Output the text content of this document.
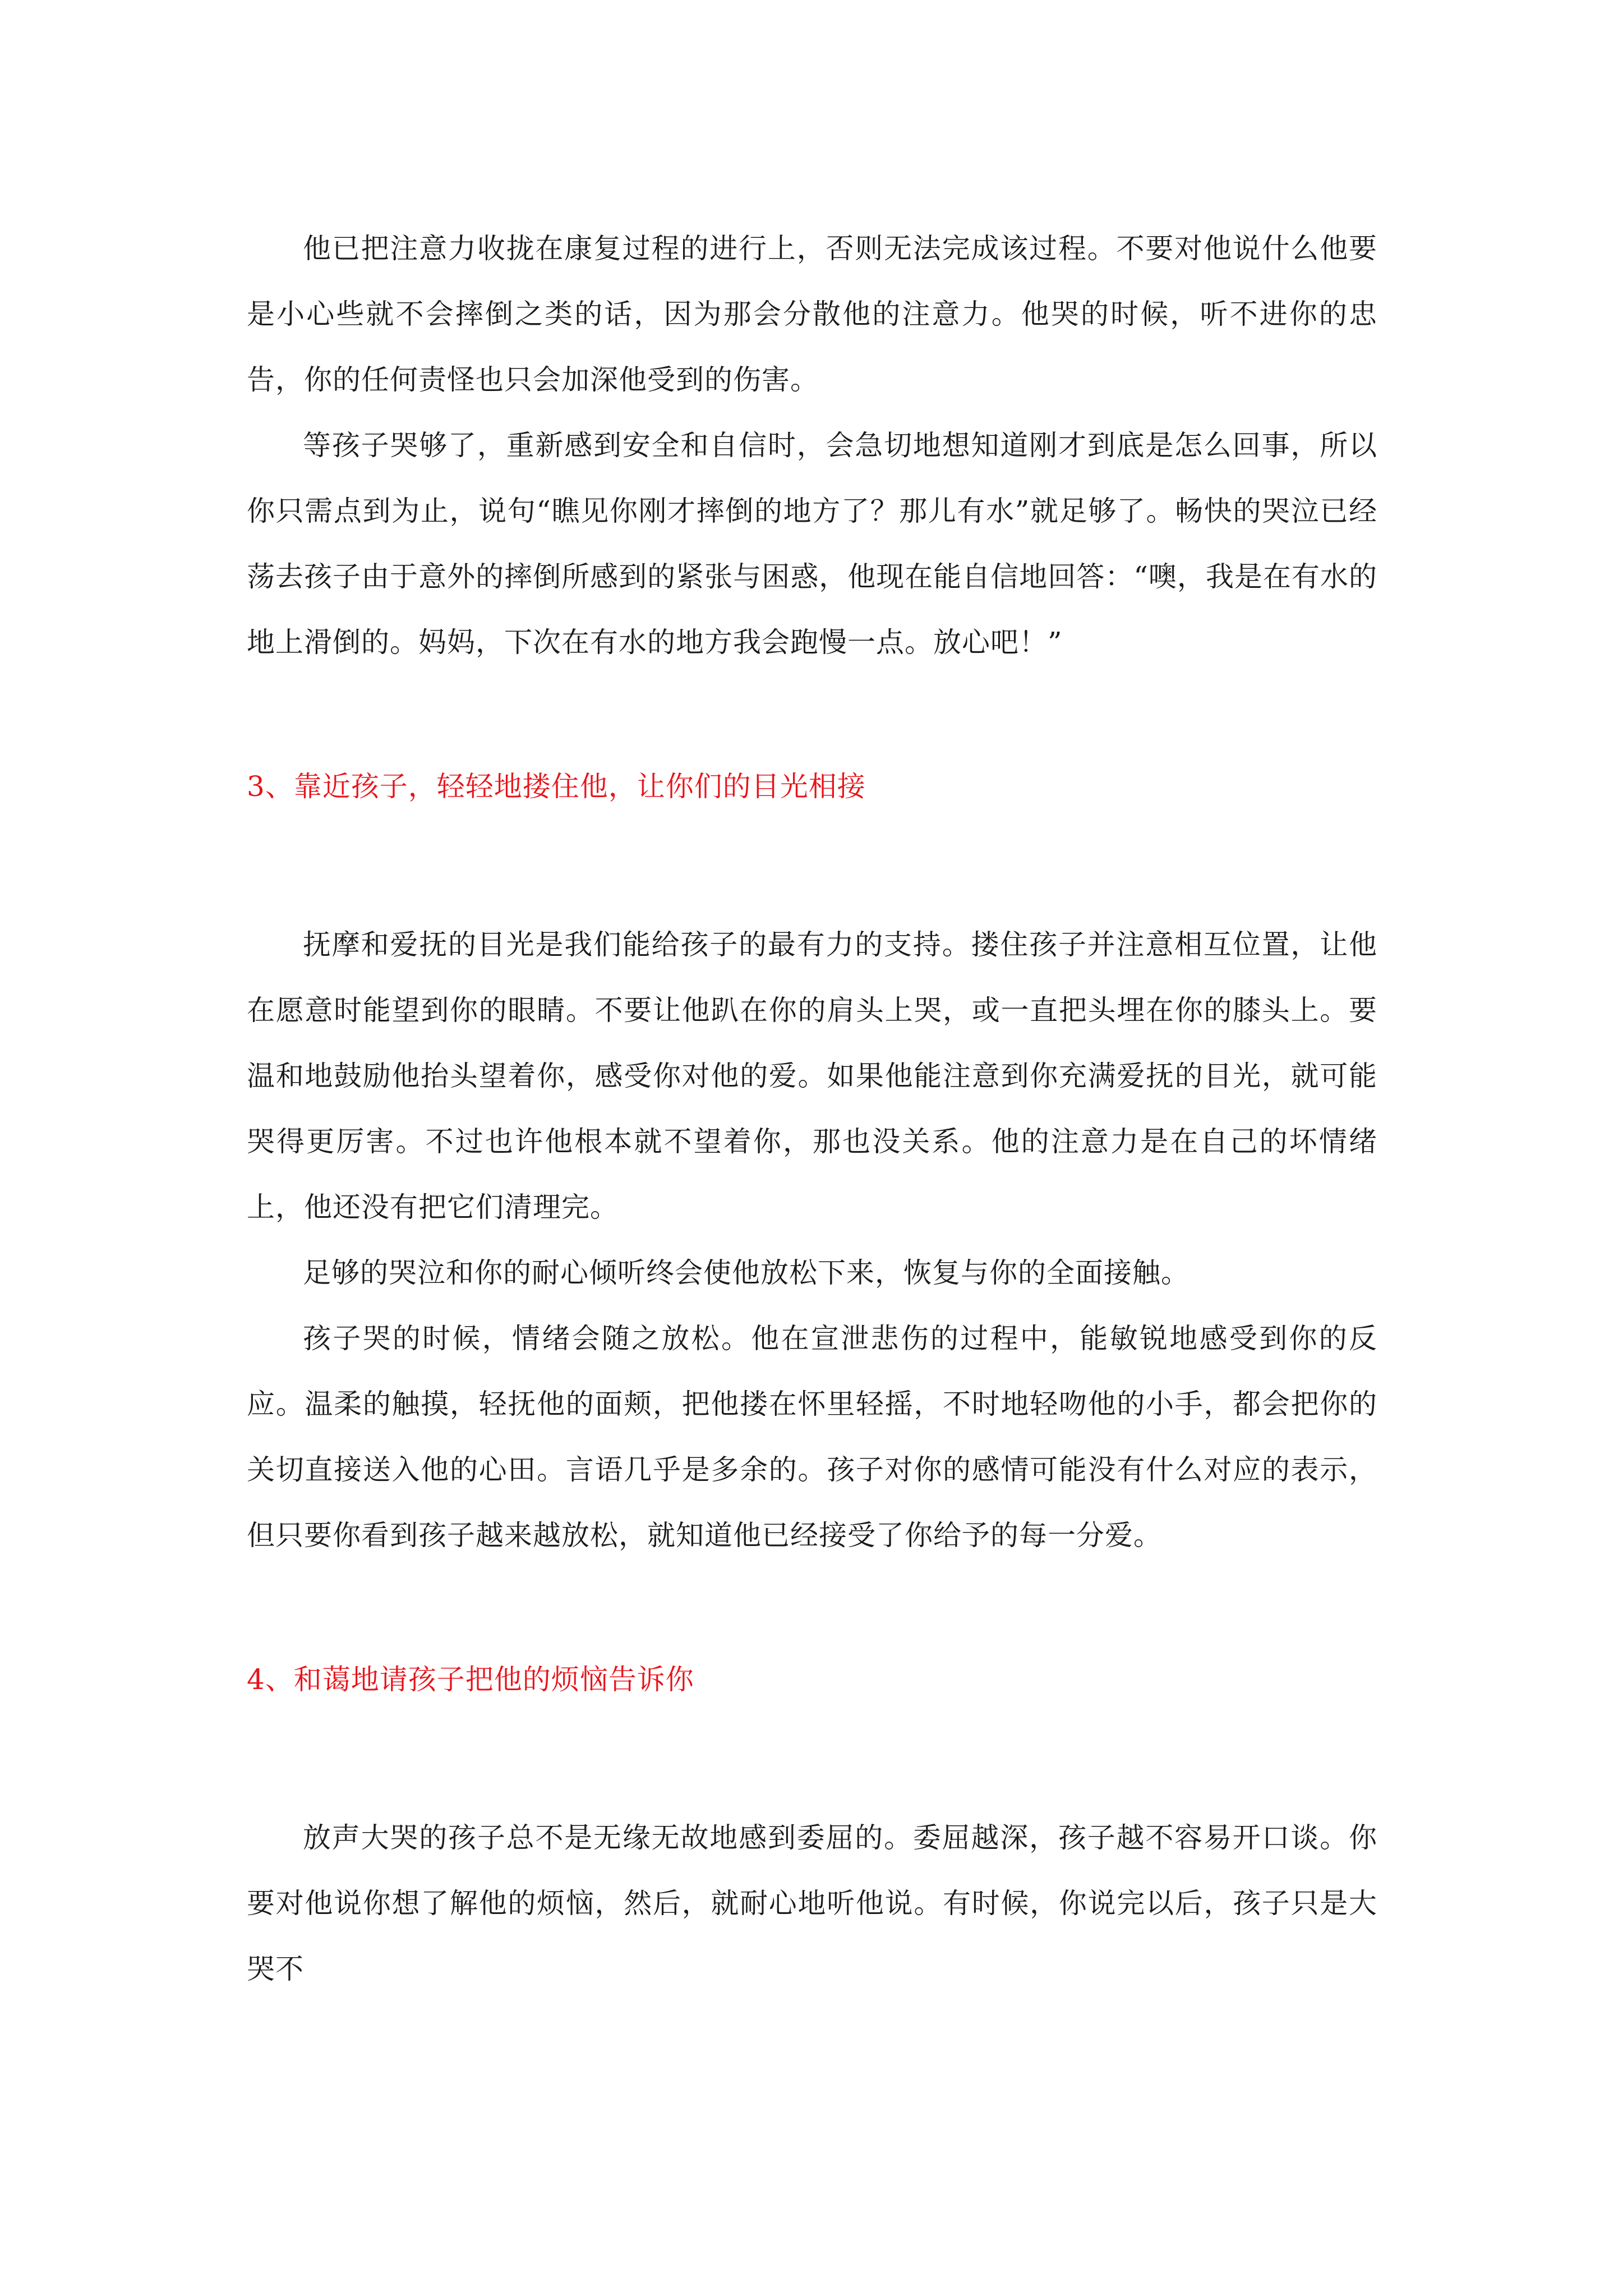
他已把注意力收拢在康复过程的进行上，否则无法完成该过程。不要对他说什么他要是小心些就不会摔倒之类的话，因为那会分散他的注意力。他哭的时候，听不进你的忠告，你的任何责怪也只会加深他受到的伤害。

等孩子哭够了，重新感到安全和自信时，会急切地想知道刚才到底是怎么回事，所以你只需点到为止，说句“瞧见你刚才摔倒的地方了？那儿有水”就足够了。畅快的哭泣已经荡去孩子由于意外的摔倒所感到的紧张与困惑，他现在能自信地回答：“噢，我是在有水的地上滑倒的。妈妈，下次在有水的地方我会跑慢一点。放心吧！”

3、靠近孩子，轻轻地搂住他，让你们的目光相接

抚摩和爱抚的目光是我们能给孩子的最有力的支持。搂住孩子并注意相互位置，让他在愿意时能望到你的眼睛。不要让他趴在你的肩头上哭，或一直把头埋在你的膝头上。要温和地鼓励他抬头望着你，感受你对他的爱。如果他能注意到你充满爱抚的目光，就可能哭得更厉害。不过也许他根本就不望着你，那也没关系。他的注意力是在自己的坏情绪上，他还没有把它们清理完。

足够的哭泣和你的耐心倾听终会使他放松下来，恢复与你的全面接触。

孩子哭的时候，情绪会随之放松。他在宣泄悲伤的过程中，能敏锐地感受到你的反应。温柔的触摸，轻抚他的面颊，把他搂在怀里轻摇，不时地轻吻他的小手，都会把你的关切直接送入他的心田。言语几乎是多余的。孩子对你的感情可能没有什么对应的表示，但只要你看到孩子越来越放松，就知道他已经接受了你给予的每一分爱。

4、和蔼地请孩子把他的烦恼告诉你

放声大哭的孩子总不是无缘无故地感到委屈的。委屈越深，孩子越不容易开口谈。你要对他说你想了解他的烦恼，然后，就耐心地听他说。有时候，你说完以后，孩子只是大哭不
